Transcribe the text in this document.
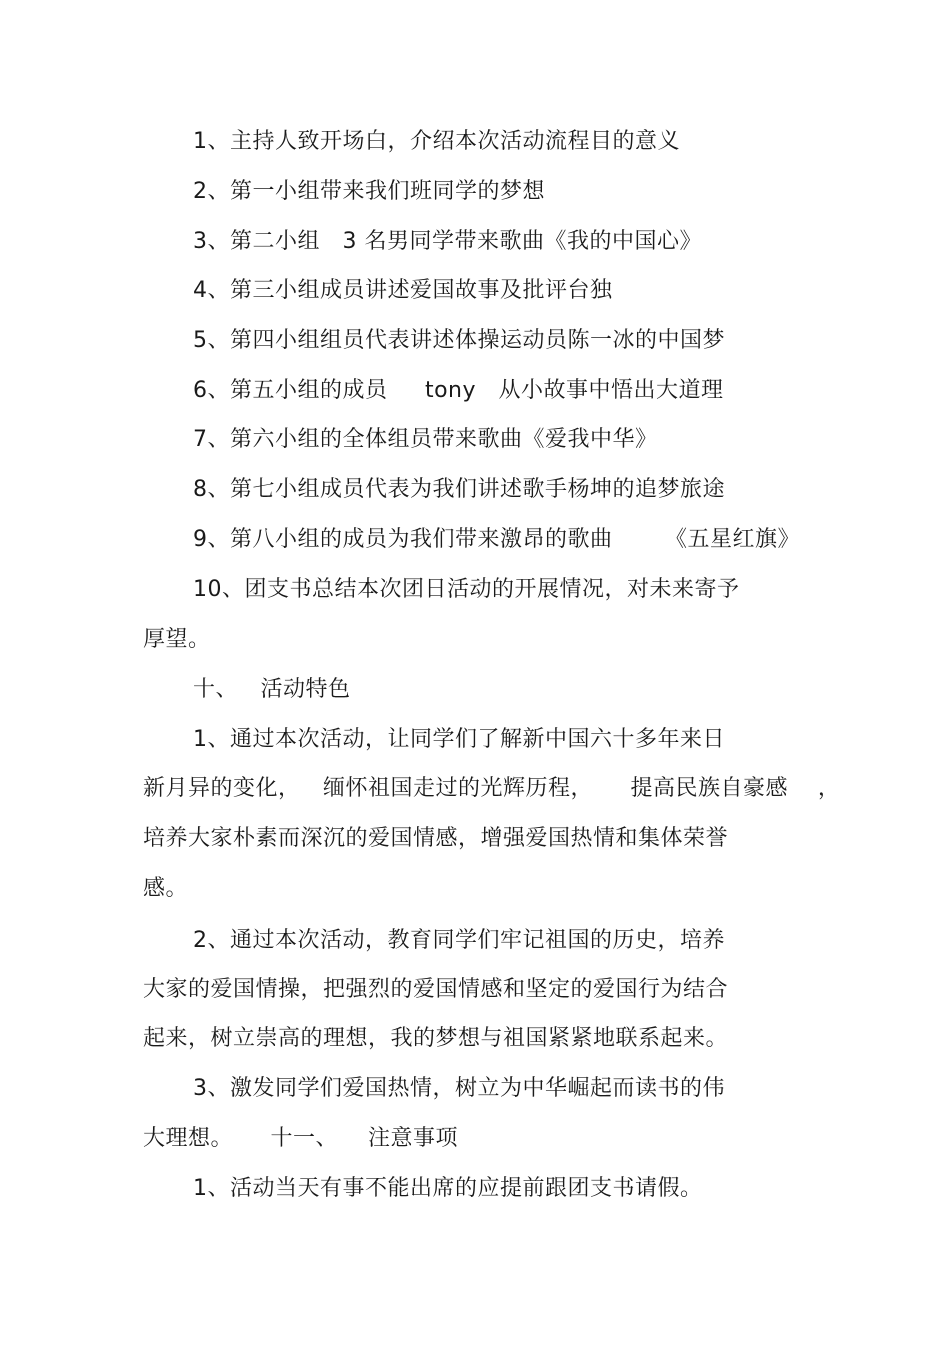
1、主持人致开场白，介绍本次活动流程目的意义
2、第一小组带来我们班同学的梦想
3、第二小组   3 名男同学带来歌曲《我的中国心》
4、第三小组成员讲述爱国故事及批评台独
5、第四小组组员代表讲述体操运动员陈一冰的中国梦
6、第五小组的成员     tony   从小故事中悟出大道理
7、第六小组的全体组员带来歌曲《爱我中华》
8、第七小组成员代表为我们讲述歌手杨坤的追梦旅途
9、第八小组的成员为我们带来激昂的歌曲       《五星红旗》
10、团支书总结本次团日活动的开展情况，对未来寄予
厚望。
十、   活动特色
1、通过本次活动，让同学们了解新中国六十多年来日
新月异的变化，   缅怀祖国走过的光辉历程，     提高民族自豪感    ，
培养大家朴素而深沉的爱国情感，增强爱国热情和集体荣誉
感。
2、通过本次活动，教育同学们牢记祖国的历史，培养
大家的爱国情操，把强烈的爱国情感和坚定的爱国行为结合
起来，树立崇高的理想，我的梦想与祖国紧紧地联系起来。
3、激发同学们爱国热情，树立为中华崛起而读书的伟
大理想。     十一、    注意事项
1、活动当天有事不能出席的应提前跟团支书请假。
